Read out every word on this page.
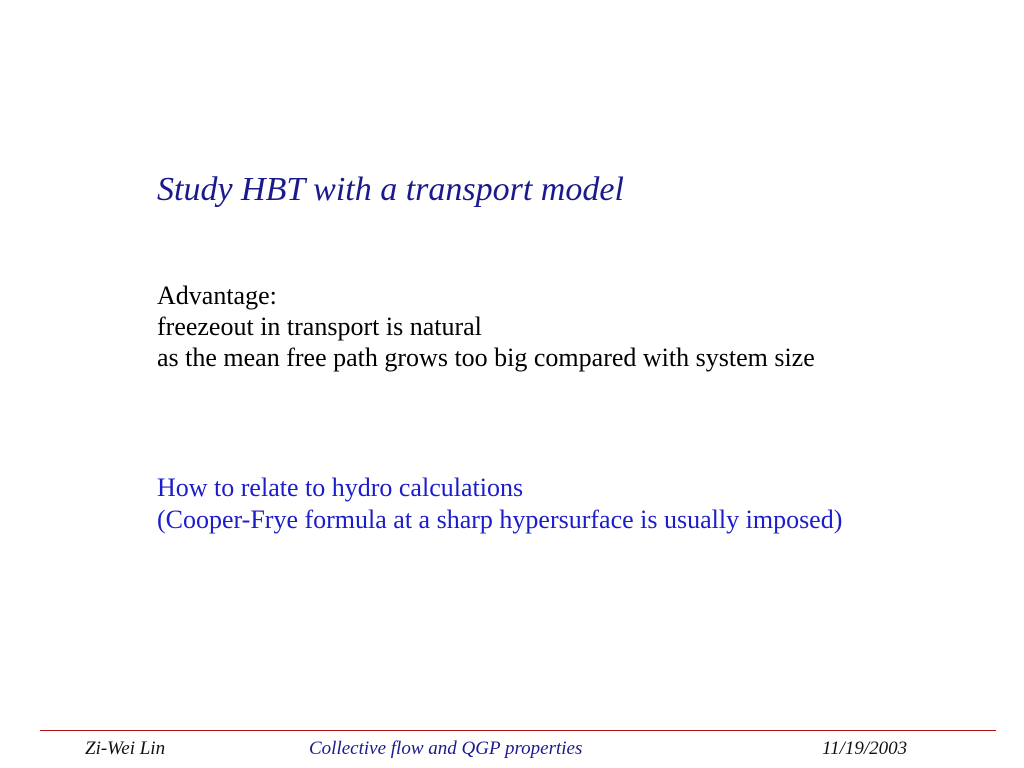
Study HBT with a transport model
Advantage:
freezeout in transport is natural
as the mean free path grows too big compared with system size
How to relate to hydro calculations
(Cooper-Frye formula at a sharp hypersurface is usually imposed)
Zi-Wei Lin	Collective flow and QGP properties	11/19/2003
